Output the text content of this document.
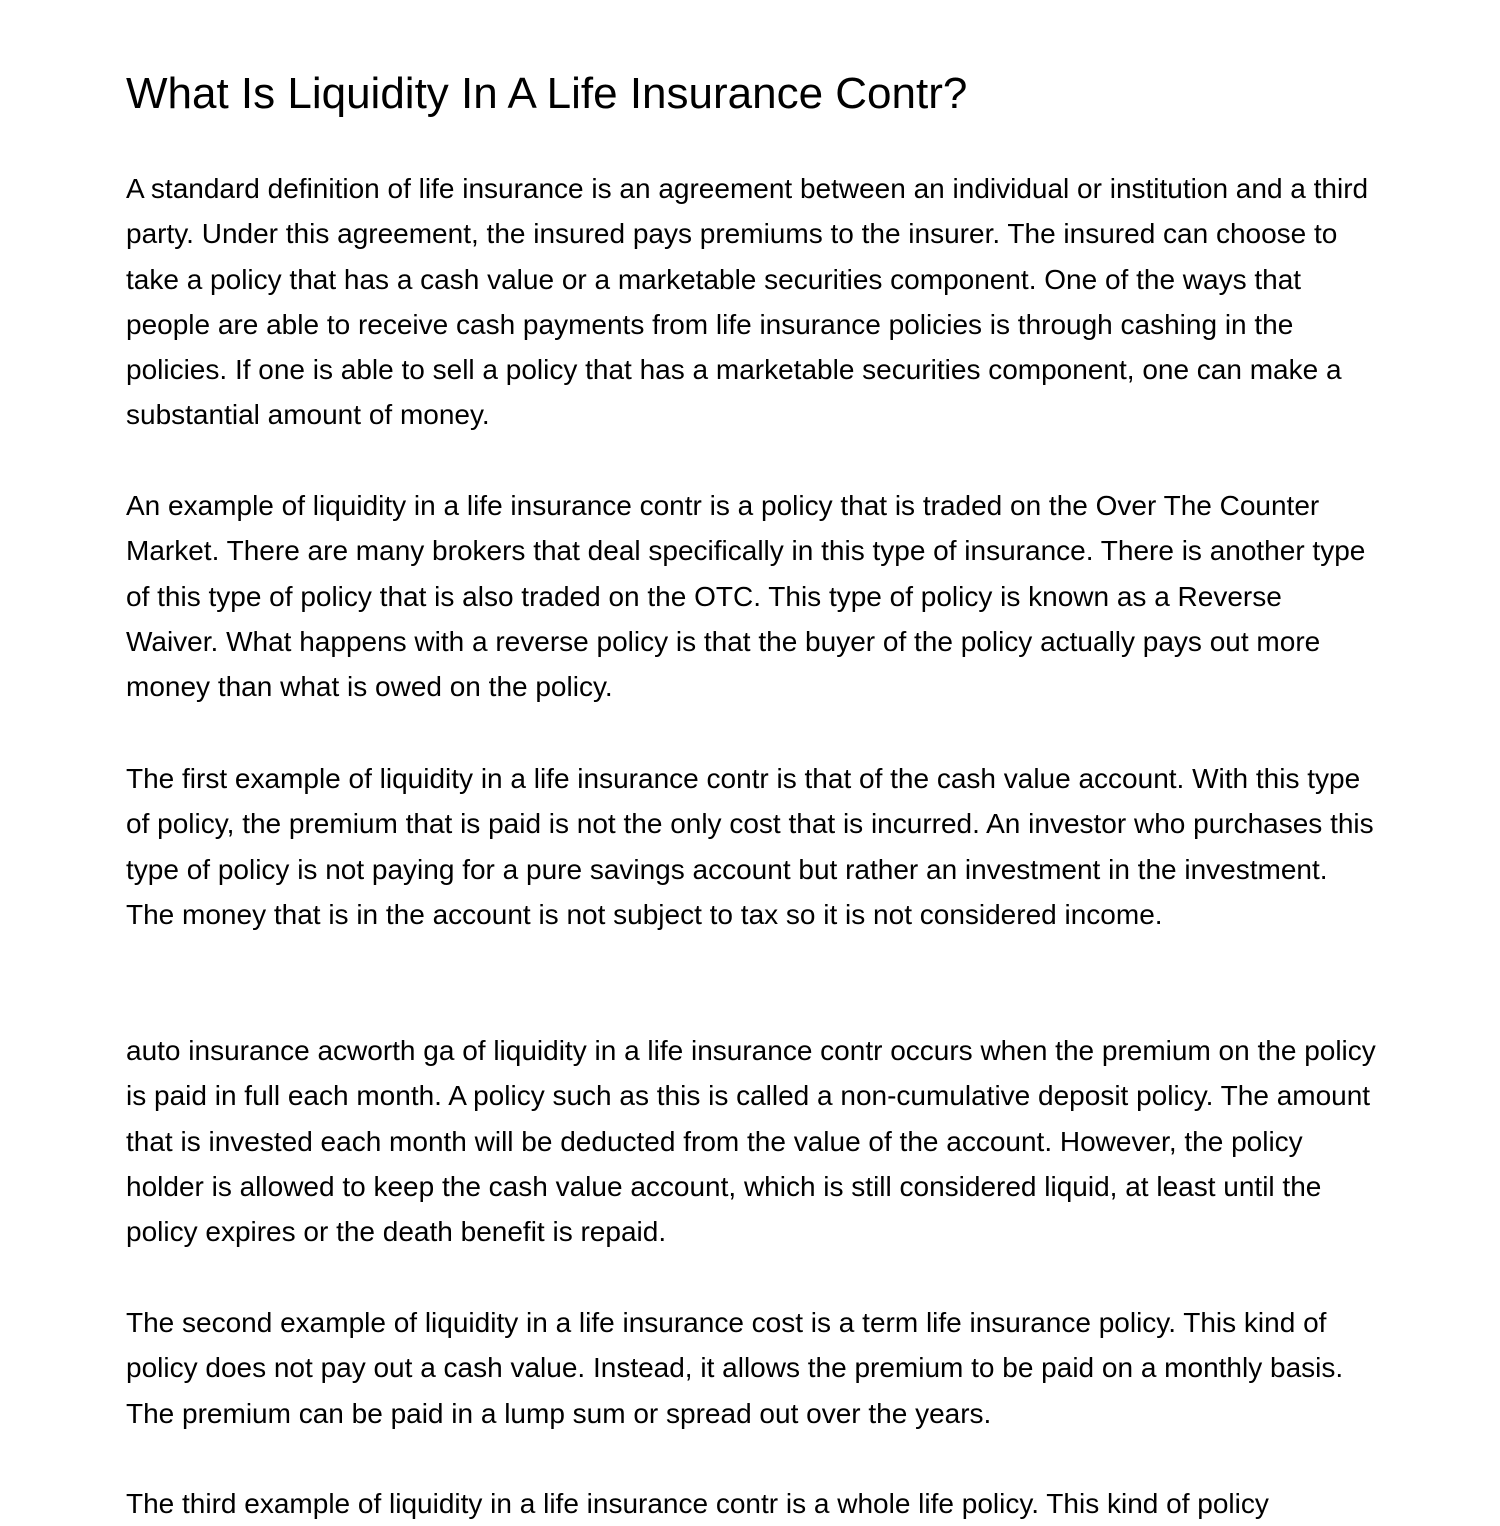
What Is Liquidity In A Life Insurance Contr?

A standard definition of life insurance is an agreement between an individual or institution and a third party. Under this agreement, the insured pays premiums to the insurer. The insured can choose to take a policy that has a cash value or a marketable securities component. One of the ways that people are able to receive cash payments from life insurance policies is through cashing in the policies. If one is able to sell a policy that has a marketable securities component, one can make a substantial amount of money.

An example of liquidity in a life insurance contr is a policy that is traded on the Over The Counter Market. There are many brokers that deal specifically in this type of insurance. There is another type of this type of policy that is also traded on the OTC. This type of policy is known as a Reverse Waiver. What happens with a reverse policy is that the buyer of the policy actually pays out more money than what is owed on the policy.

The first example of liquidity in a life insurance contr is that of the cash value account. With this type of policy, the premium that is paid is not the only cost that is incurred. An investor who purchases this type of policy is not paying for a pure savings account but rather an investment in the investment. The money that is in the account is not subject to tax so it is not considered income.

auto insurance acworth ga of liquidity in a life insurance contr occurs when the premium on the policy is paid in full each month. A policy such as this is called a non-cumulative deposit policy. The amount that is invested each month will be deducted from the value of the account. However, the policy holder is allowed to keep the cash value account, which is still considered liquid, at least until the policy expires or the death benefit is repaid.

The second example of liquidity in a life insurance cost is a term life insurance policy. This kind of policy does not pay out a cash value. Instead, it allows the premium to be paid on a monthly basis. The premium can be paid in a lump sum or spread out over the years.

The third example of liquidity in a life insurance contr is a whole life policy. This kind of policy
